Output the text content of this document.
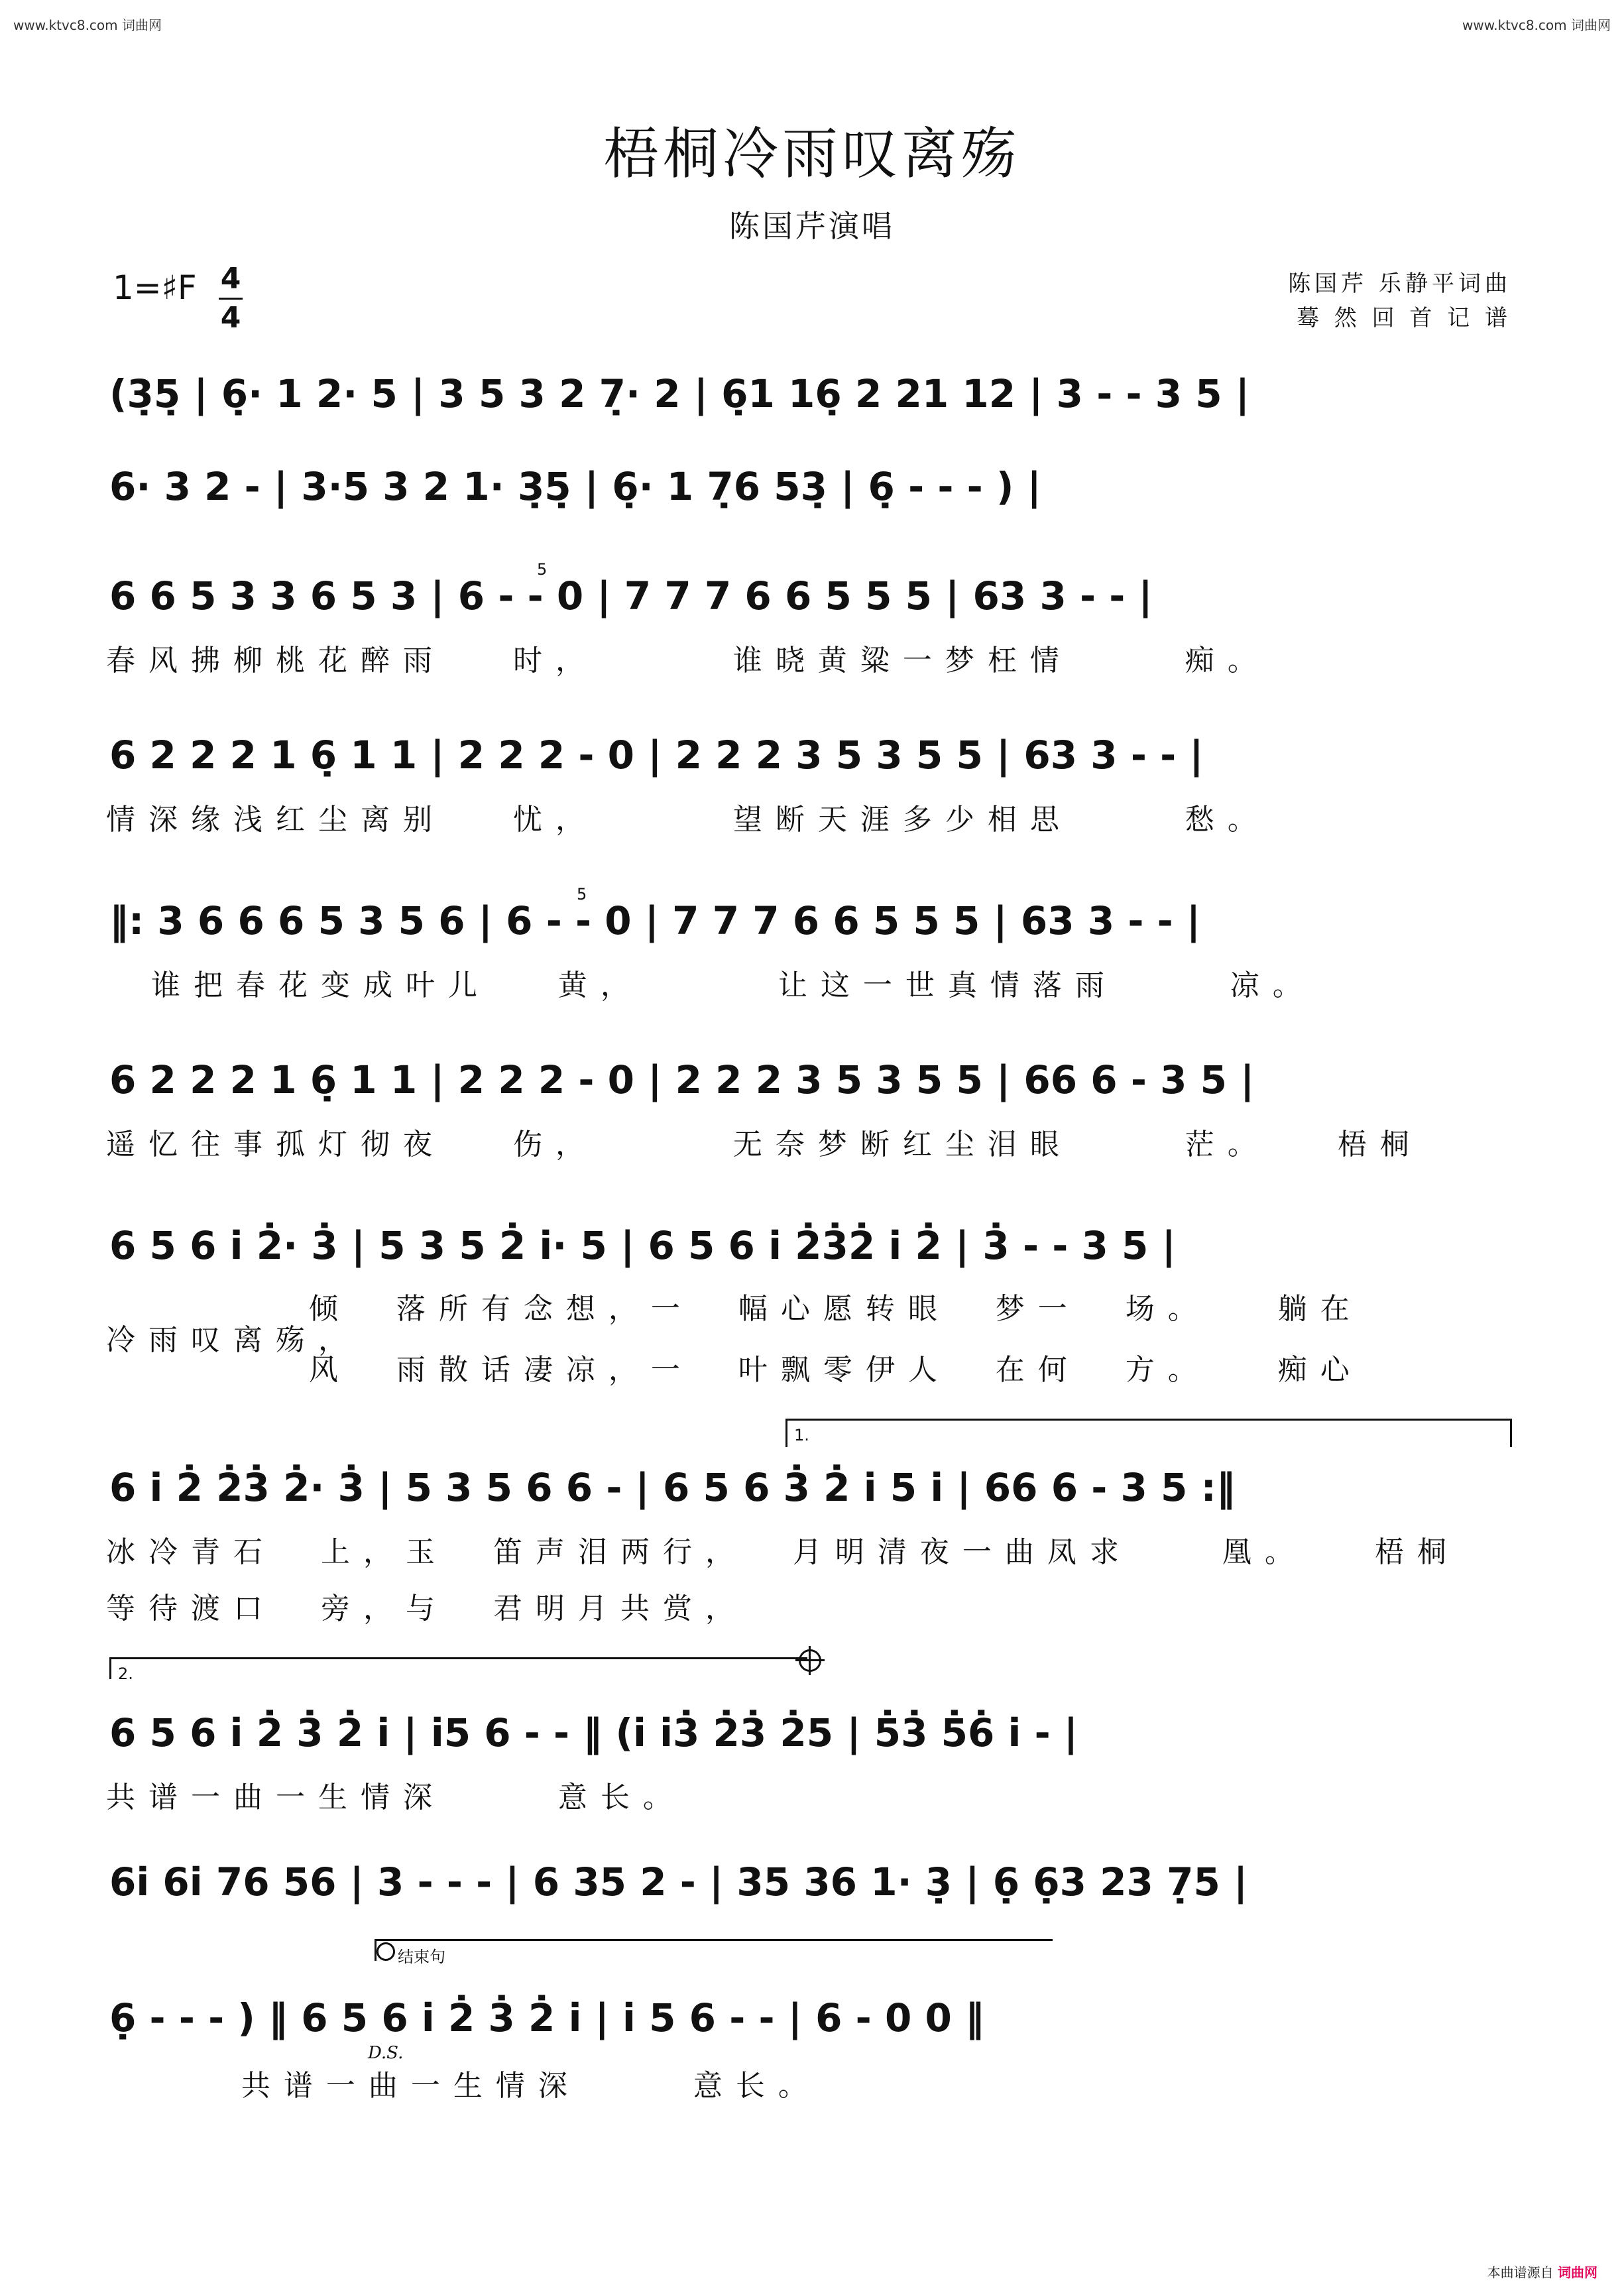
www.ktvc8.com 词曲网	www.ktvc8.com 词曲网
梧桐冷雨叹离殇
陈国芹演唱
1=♯F 4
4
陈国芹 乐静平词曲
蓦 然 回 首 记 谱
(3̣5̣ | 6̣· 1 2· 5 | 3 5 3 2 7̣· 2 | 6̣1 16̣ 2 21 12 | 3 - - 3 5 |
6· 3 2 - | 3·5 3 2 1· 3̣5̣ | 6̣· 1 7̣6 53̣ | 6̣ - - - ) |
6 6 5 3 3 6 5 3 | 6 - - 0 | 7 7 7 6 6 5 5 5 | 63 3 - - |
春风拂柳桃花醉雨   时，      谁晓黄粱一梦枉情     痴。
6 2 2 2 1 6̣ 1 1 | 2 2 2 - 0 | 2 2 2 3 5 3 5 5 | 63 3 - - |
情深缘浅红尘离别   忧，      望断天涯多少相思     愁。
‖: 3 6 6 6 5 3 5 6 | 6 - - 0 | 7 7 7 6 6 5 5 5 | 63 3 - - |
谁把春花变成叶儿   黄，      让这一世真情落雨     凉。
6 2 2 2 1 6̣ 1 1 | 2 2 2 - 0 | 2 2 2 3 5 3 5 5 | 66 6 - 3 5 |
遥忆往事孤灯彻夜   伤，      无奈梦断红尘泪眼     茫。   梧桐
6 5 6 i̇ 2̇· 3̇ | 5 3 5 2̇ i̇· 5 | 6 5 6 i̇ 2̇3̇2̇ i̇ 2̇ | 3̇ - - 3 5 |
倾  落所有念想，一  幅心愿转眼  梦一  场。   躺在
冷雨叹离殇，
风  雨散话凄凉，一  叶飘零伊人  在何  方。   痴心
1.
6 i̇ 2̇ 2̇3̇ 2̇· 3̇ | 5 3 5 6 6 - | 6 5 6 3̇ 2̇ i̇ 5 i̇ | 66 6 - 3 5 :‖
冰冷青石  上，玉  笛声泪两行，  月明清夜一曲凤求    凰。   梧桐
等待渡口  旁，与  君明月共赏，
2.
6 5 6 i̇ 2̇ 3̇ 2̇ i̇ | i̇5 6 - - ‖ (i̇ i̇3̇ 2̇3̇ 2̇5 | 5̇3̇ 5̇6̇ i̇ - |
共谱一曲一生情深     意长。
6i̇ 6i̇ 76 56 | 3 - - - | 6 35 2 - | 35 36 1· 3̣ | 6̣ 6̣3 23 7̣5 |
结束句
6̣ - - - ) ‖ 6 5 6 i̇ 2̇ 3̇ 2̇ i̇ | i̇ 5 6 - - | 6 - 0 0 ‖
D.S.
共谱一曲一生情深     意长。
5
5
本曲谱源自 词曲网
